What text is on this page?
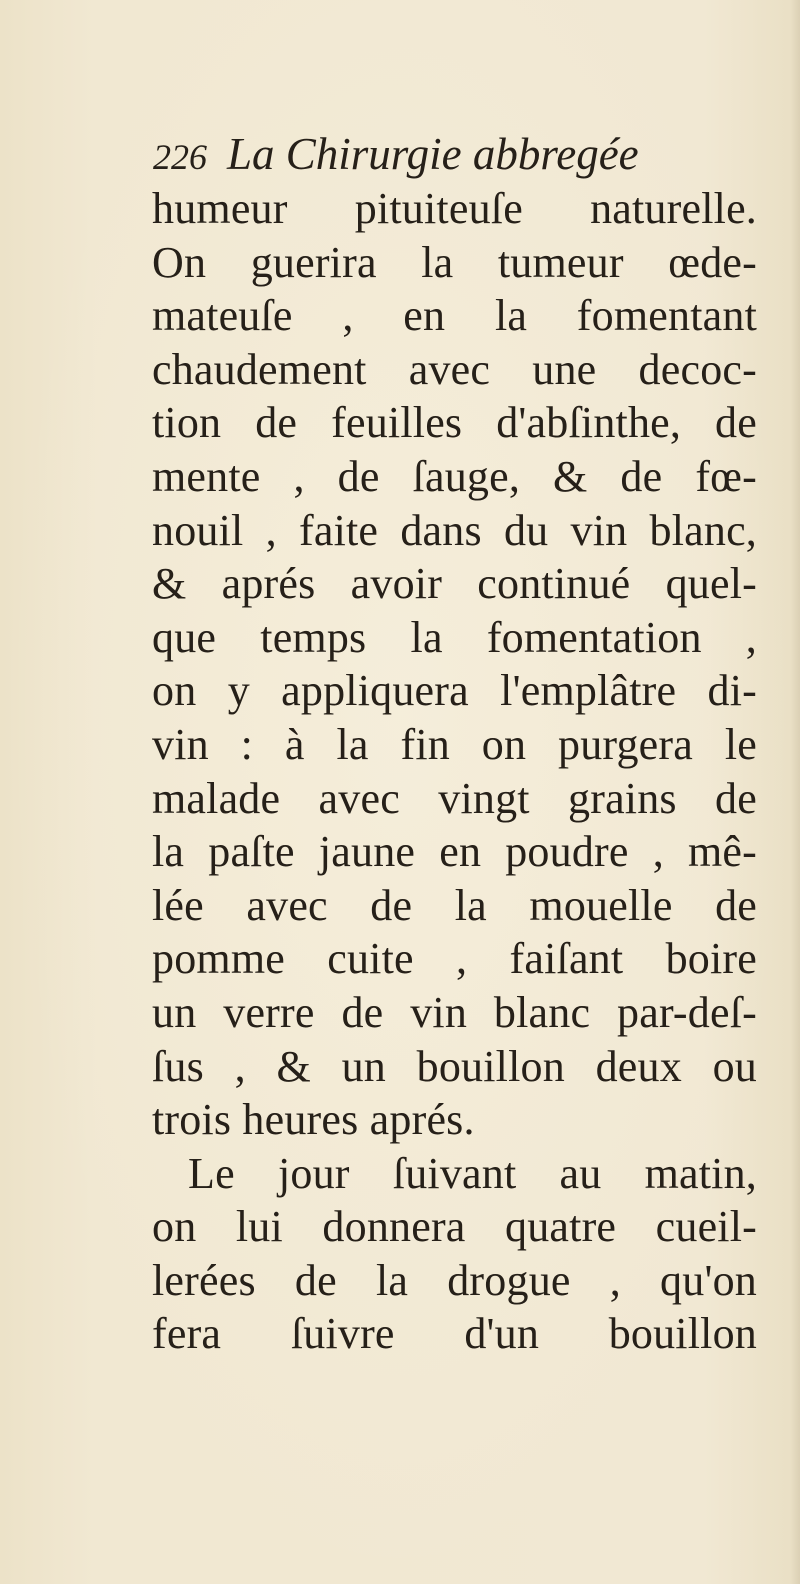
226 La Chirurgie abbregée
humeur pituiteuſe naturelle.
On guerira la tumeur œde-
mateuſe , en la fomentant
chaudement avec une decoc-
tion de feuilles d'abſinthe, de
mente , de ſauge, & de fœ-
nouil , faite dans du vin blanc,
& aprés avoir continué quel-
que temps la fomentation ,
on y appliquera l'emplâtre di-
vin : à la fin on purgera le
malade avec vingt grains de
la paſte jaune en poudre , mê-
lée avec de la mouelle de
pomme cuite , faiſant boire
un verre de vin blanc par-deſ-
ſus , & un bouillon deux ou
trois heures aprés.
Le jour ſuivant au matin,
on lui donnera quatre cueil-
lerées de la drogue , qu'on
fera ſuivre d'un bouillon
